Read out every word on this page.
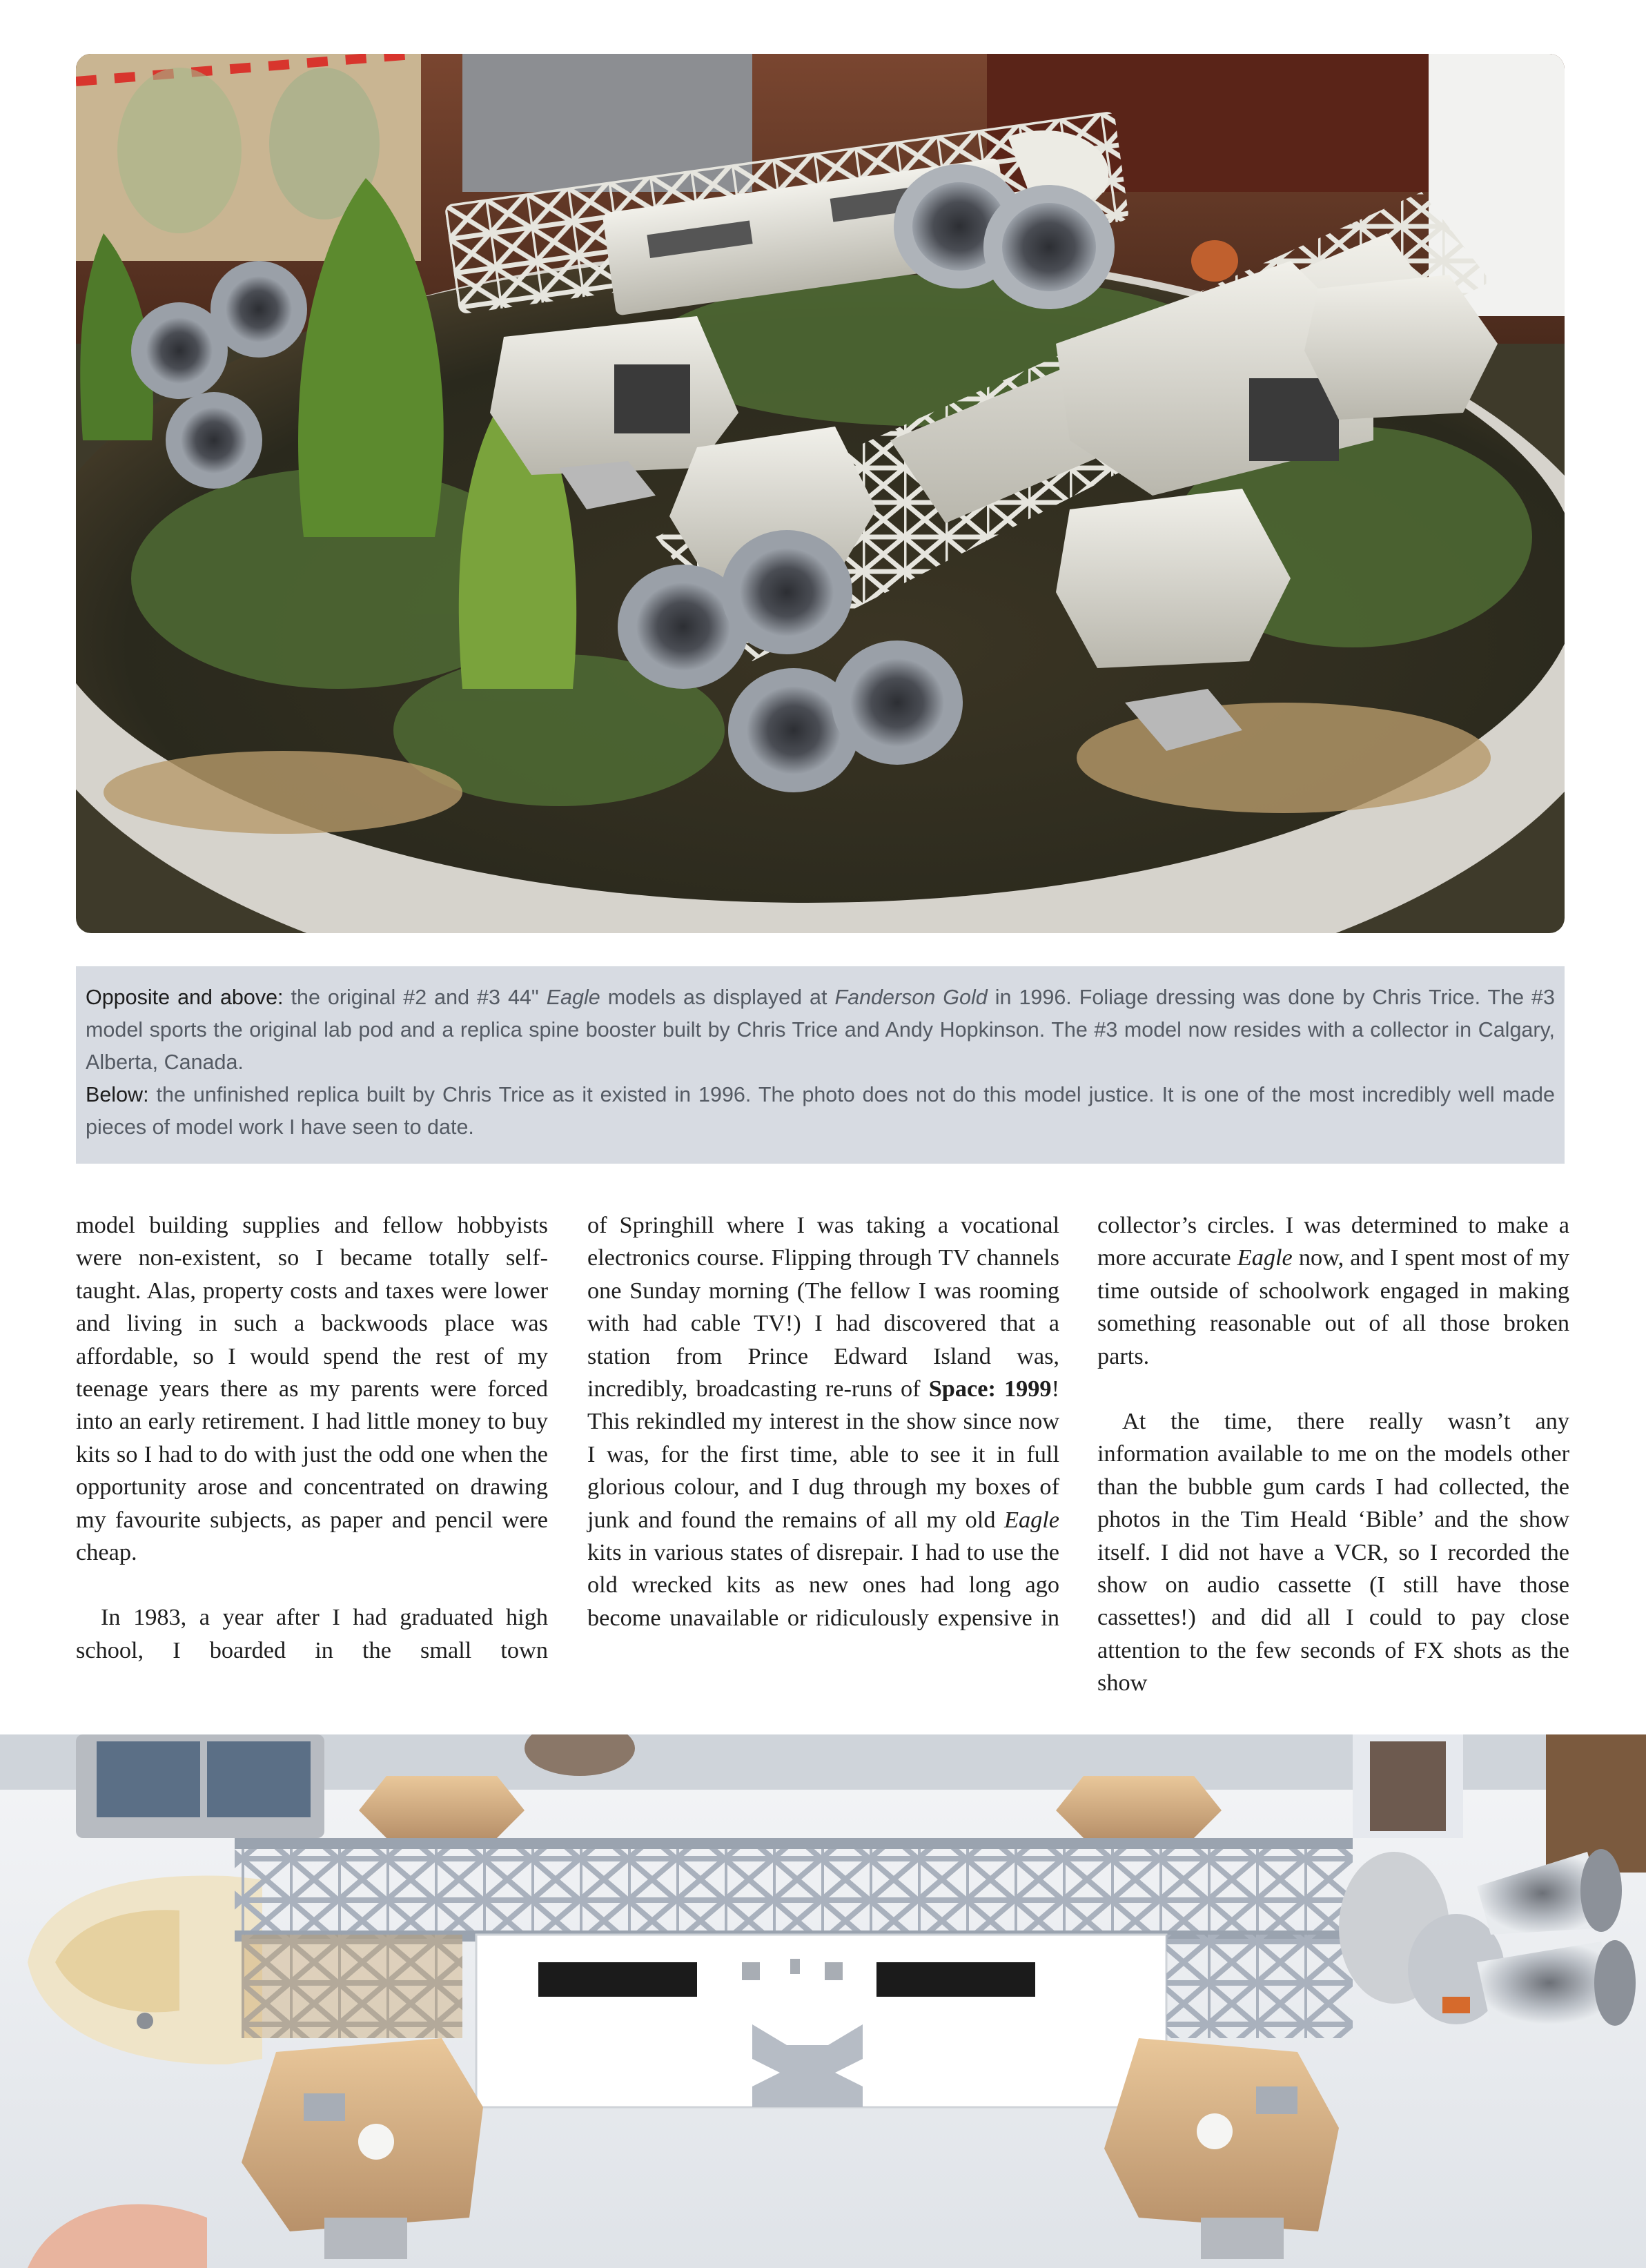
Opposite and above: the original #2 and #3 44" Eagle models as displayed at Fanderson Gold in 1996. Foliage dressing was done by Chris Trice. The #3 model sports the original lab pod and a replica spine booster built by Chris Trice and Andy Hopkinson. The #3 model now resides with a collector in Calgary, Alberta, Canada.

Below: the unfinished replica built by Chris Trice as it existed in 1996. The photo does not do this model justice. It is one of the most incredibly well made pieces of model work I have seen to date.

model building supplies and fellow hobbyists were non-existent, so I became totally self-taught. Alas, property costs and taxes were lower and living in such a backwoods place was affordable, so I would spend the rest of my teenage years there as my parents were forced into an early retirement. I had little money to buy kits so I had to do with just the odd one when the opportunity arose and concentrated on drawing my favourite subjects, as paper and pencil were cheap.

In 1983, a year after I had graduated high school, I boarded in the small town

of Springhill where I was taking a vocational electronics course. Flipping through TV channels one Sunday morning (The fellow I was rooming with had cable TV!) I had discovered that a station from Prince Edward Island was, incredibly, broadcasting re-runs of Space: 1999! This rekindled my interest in the show since now I was, for the first time, able to see it in full glorious colour, and I dug through my boxes of junk and found the remains of all my old Eagle kits in various states of disrepair. I had to use the old wrecked kits as new ones had long ago become unavailable or ridiculously expensive in

collector’s circles. I was determined to make a more accurate Eagle now, and I spent most of my time outside of schoolwork engaged in making something reasonable out of all those broken parts.

At the time, there really wasn’t any information available to me on the models other than the bubble gum cards I had collected, the photos in the Tim Heald ‘Bible’ and the show itself. I did not have a VCR, so I recorded the show on audio cassette (I still have those cassettes!) and did all I could to pay close attention to the few seconds of FX shots as the show
